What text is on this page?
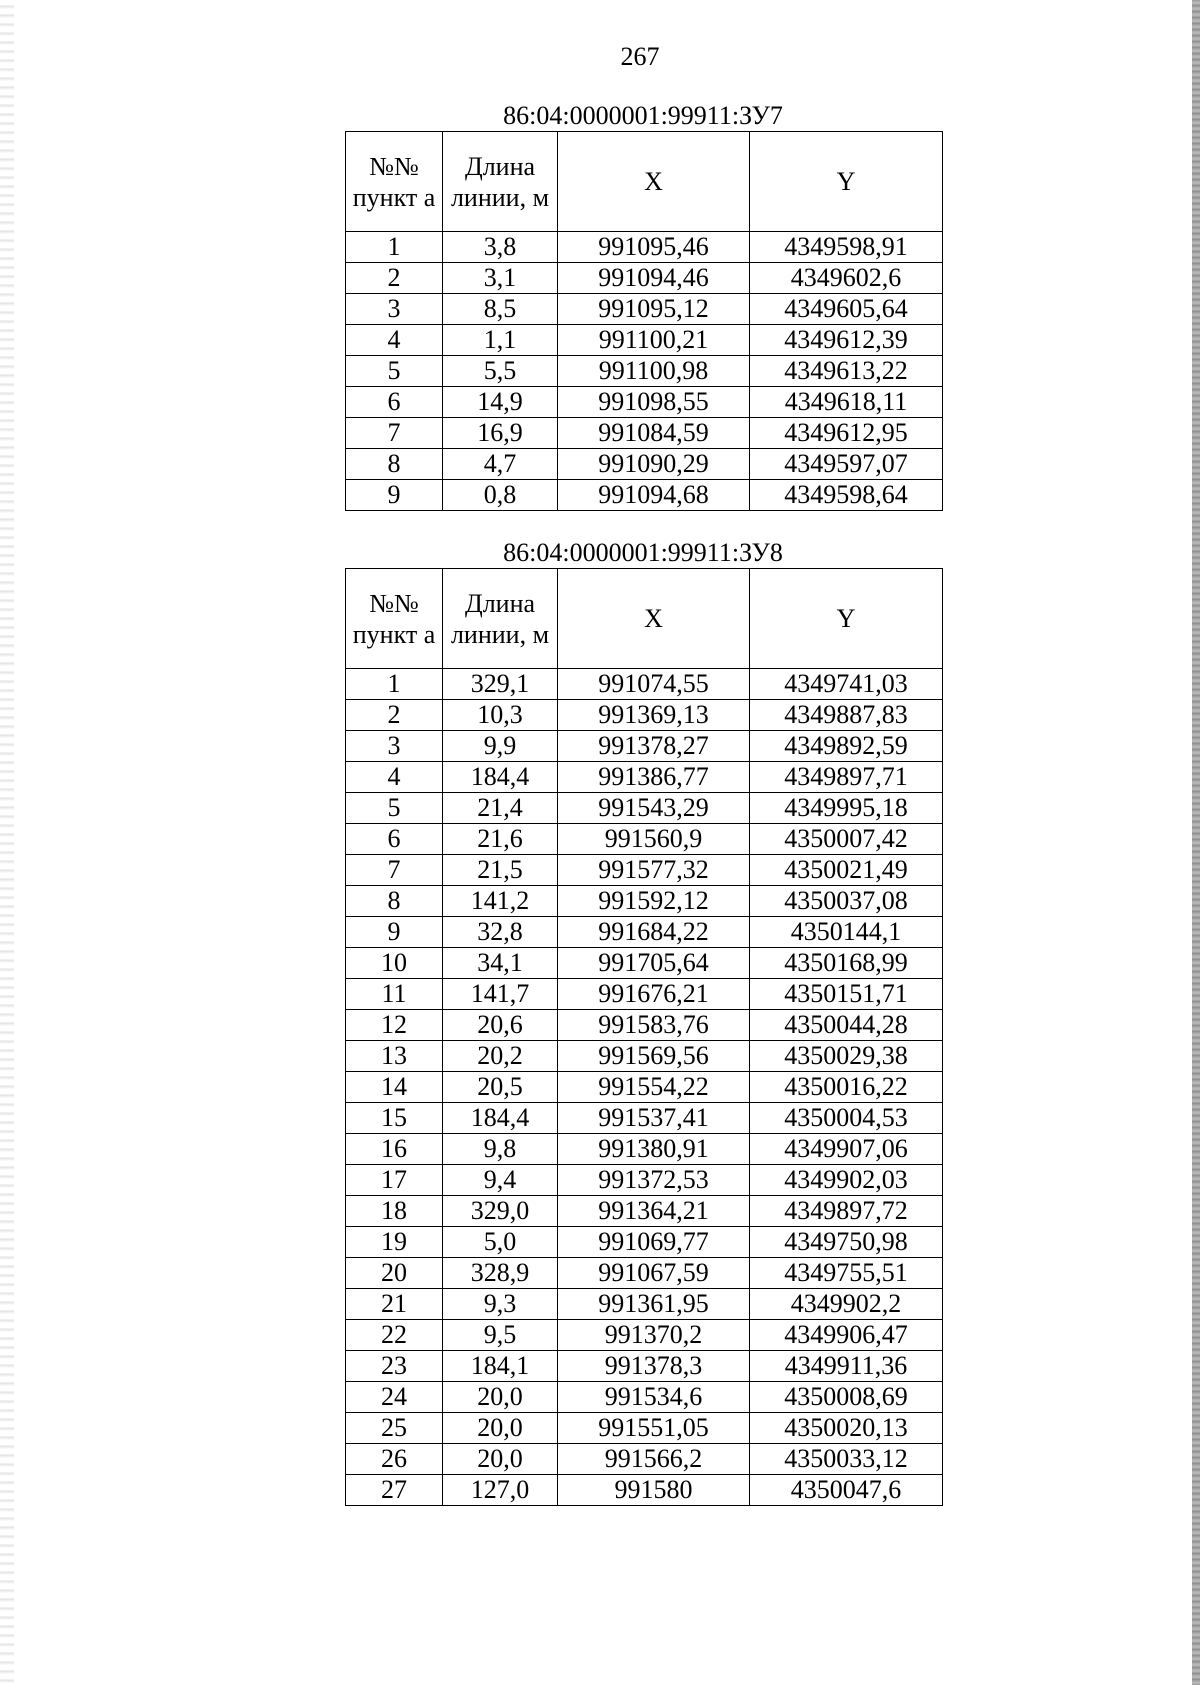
267
86:04:0000001:99911:ЗУ7
№№ пункт а	Длина линии, м	X	Y
1	3,8	991095,46	4349598,91
2	3,1	991094,46	4349602,6
3	8,5	991095,12	4349605,64
4	1,1	991100,21	4349612,39
5	5,5	991100,98	4349613,22
6	14,9	991098,55	4349618,11
7	16,9	991084,59	4349612,95
8	4,7	991090,29	4349597,07
9	0,8	991094,68	4349598,64
86:04:0000001:99911:ЗУ8
№№ пункт а	Длина линии, м	X	Y
1	329,1	991074,55	4349741,03
2	10,3	991369,13	4349887,83
3	9,9	991378,27	4349892,59
4	184,4	991386,77	4349897,71
5	21,4	991543,29	4349995,18
6	21,6	991560,9	4350007,42
7	21,5	991577,32	4350021,49
8	141,2	991592,12	4350037,08
9	32,8	991684,22	4350144,1
10	34,1	991705,64	4350168,99
11	141,7	991676,21	4350151,71
12	20,6	991583,76	4350044,28
13	20,2	991569,56	4350029,38
14	20,5	991554,22	4350016,22
15	184,4	991537,41	4350004,53
16	9,8	991380,91	4349907,06
17	9,4	991372,53	4349902,03
18	329,0	991364,21	4349897,72
19	5,0	991069,77	4349750,98
20	328,9	991067,59	4349755,51
21	9,3	991361,95	4349902,2
22	9,5	991370,2	4349906,47
23	184,1	991378,3	4349911,36
24	20,0	991534,6	4350008,69
25	20,0	991551,05	4350020,13
26	20,0	991566,2	4350033,12
27	127,0	991580	4350047,6
